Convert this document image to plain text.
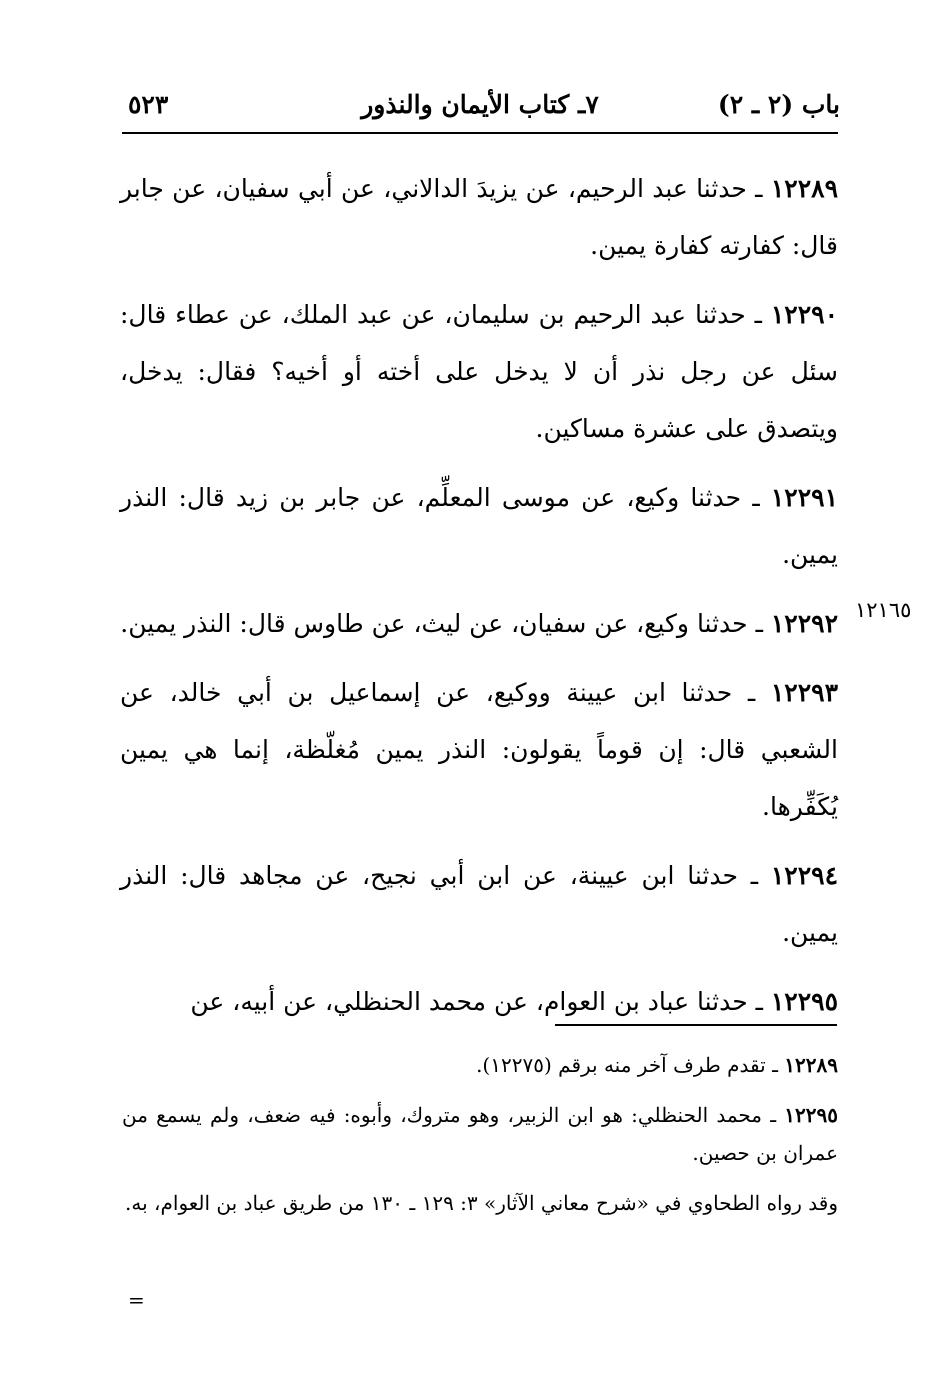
باب (٢ ـ ٢)
٧ـ كتاب الأيمان والنذور
٥٢٣

١٢٢٨٩ ـ حدثنا عبد الرحيم، عن يزيدَ الدالاني، عن أبي سفيان، عن جابر قال: كفارته كفارة يمين.

١٢٢٩٠ ـ حدثنا عبد الرحيم بن سليمان، عن عبد الملك، عن عطاء قال: سئل عن رجل نذر أن لا يدخل على أخته أو أخيه؟ فقال: يدخل، ويتصدق على عشرة مساكين.

١٢٢٩١ ـ حدثنا وكيع، عن موسى المعلِّم، عن جابر بن زيد قال: النذر يمين.

١٢٢٩٢ ـ حدثنا وكيع، عن سفيان، عن ليث، عن طاوس قال: النذر يمين.

١٢٢٩٣ ـ حدثنا ابن عيينة ووكيع، عن إسماعيل بن أبي خالد، عن الشعبي قال: إن قوماً يقولون: النذر يمين مُغلّظة، إنما هي يمين يُكَفِّرها.

١٢٢٩٤ ـ حدثنا ابن عيينة، عن ابن أبي نجيح، عن مجاهد قال: النذر يمين.

١٢٢٩٥ ـ حدثنا عباد بن العوام، عن محمد الحنظلي، عن أبيه، عن

١٢١٦٥

١٢٢٨٩ ـ تقدم طرف آخر منه برقم (١٢٢٧٥).

١٢٢٩٥ ـ محمد الحنظلي: هو ابن الزبير، وهو متروك، وأبوه: فيه ضعف، ولم يسمع من عمران بن حصين.

وقد رواه الطحاوي في «شرح معاني الآثار» ٣: ١٢٩ ـ ١٣٠ من طريق عباد بن العوام، به.

=
